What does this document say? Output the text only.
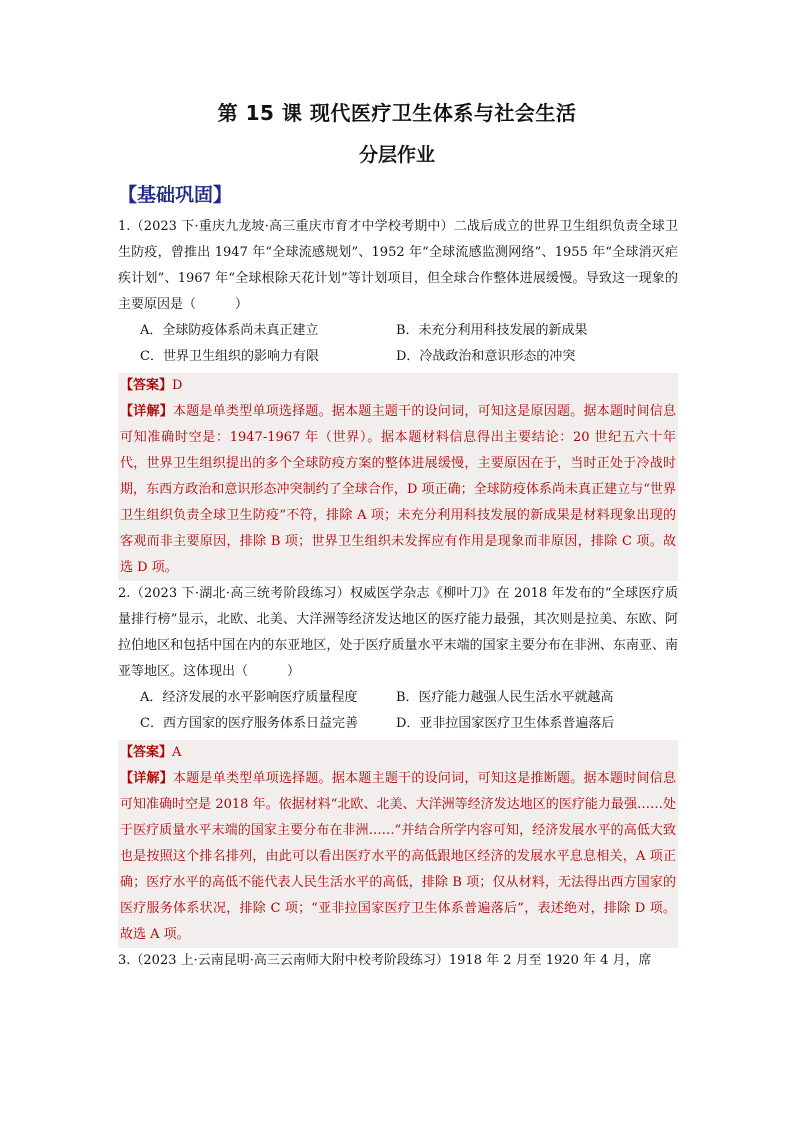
第 15 课 现代医疗卫生体系与社会生活
分层作业
【基础巩固】

1.（2023 下·重庆九龙坡·高三重庆市育才中学校考期中）二战后成立的世界卫生组织负责全球卫生防疫，曾推出 1947 年“全球流感规划”、1952 年“全球流感监测网络”、1955 年“全球消灭疟疾计划”、1967 年“全球根除天花计划”等计划项目，但全球合作整体进展缓慢。导致这一现象的主要原因是（　　　）

A．全球防疫体系尚未真正建立	B．未充分利用科技发展的新成果
C．世界卫生组织的影响力有限	D．冷战政治和意识形态的冲突
【答案】D

【详解】本题是单类型单项选择题。据本题主题干的设问词，可知这是原因题。据本题时间信息可知准确时空是：1947-1967 年（世界）。据本题材料信息得出主要结论：20 世纪五六十年代，世界卫生组织提出的多个全球防疫方案的整体进展缓慢，主要原因在于，当时正处于冷战时期，东西方政治和意识形态冲突制约了全球合作，D 项正确；全球防疫体系尚未真正建立与“世界卫生组织负责全球卫生防疫”不符，排除 A 项；未充分利用科技发展的新成果是材料现象出现的客观而非主要原因，排除 B 项；世界卫生组织未发挥应有作用是现象而非原因，排除 C 项。故选 D 项。

2.（2023 下·湖北·高三统考阶段练习）权威医学杂志《柳叶刀》在 2018 年发布的“全球医疗质量排行榜”显示，北欧、北美、大洋洲等经济发达地区的医疗能力最强，其次则是拉美、东欧、阿拉伯地区和包括中国在内的东亚地区，处于医疗质量水平末端的国家主要分布在非洲、东南亚、南亚等地区。这体现出（　　　）

A．经济发展的水平影响医疗质量程度	B．医疗能力越强人民生活水平就越高
C．西方国家的医疗服务体系日益完善	D．亚非拉国家医疗卫生体系普遍落后
【答案】A

【详解】本题是单类型单项选择题。据本题主题干的设问词，可知这是推断题。据本题时间信息可知准确时空是 2018 年。依据材料“北欧、北美、大洋洲等经济发达地区的医疗能力最强……处于医疗质量水平末端的国家主要分布在非洲……”并结合所学内容可知，经济发展水平的高低大致也是按照这个排名排列，由此可以看出医疗水平的高低跟地区经济的发展水平息息相关，A 项正确；医疗水平的高低不能代表人民生活水平的高低，排除 B 项；仅从材料，无法得出西方国家的医疗服务体系状况，排除 C 项；“亚非拉国家医疗卫生体系普遍落后”，表述绝对，排除 D 项。故选 A 项。

3.（2023 上·云南昆明·高三云南师大附中校考阶段练习）1918 年 2 月至 1920 年 4 月，席
